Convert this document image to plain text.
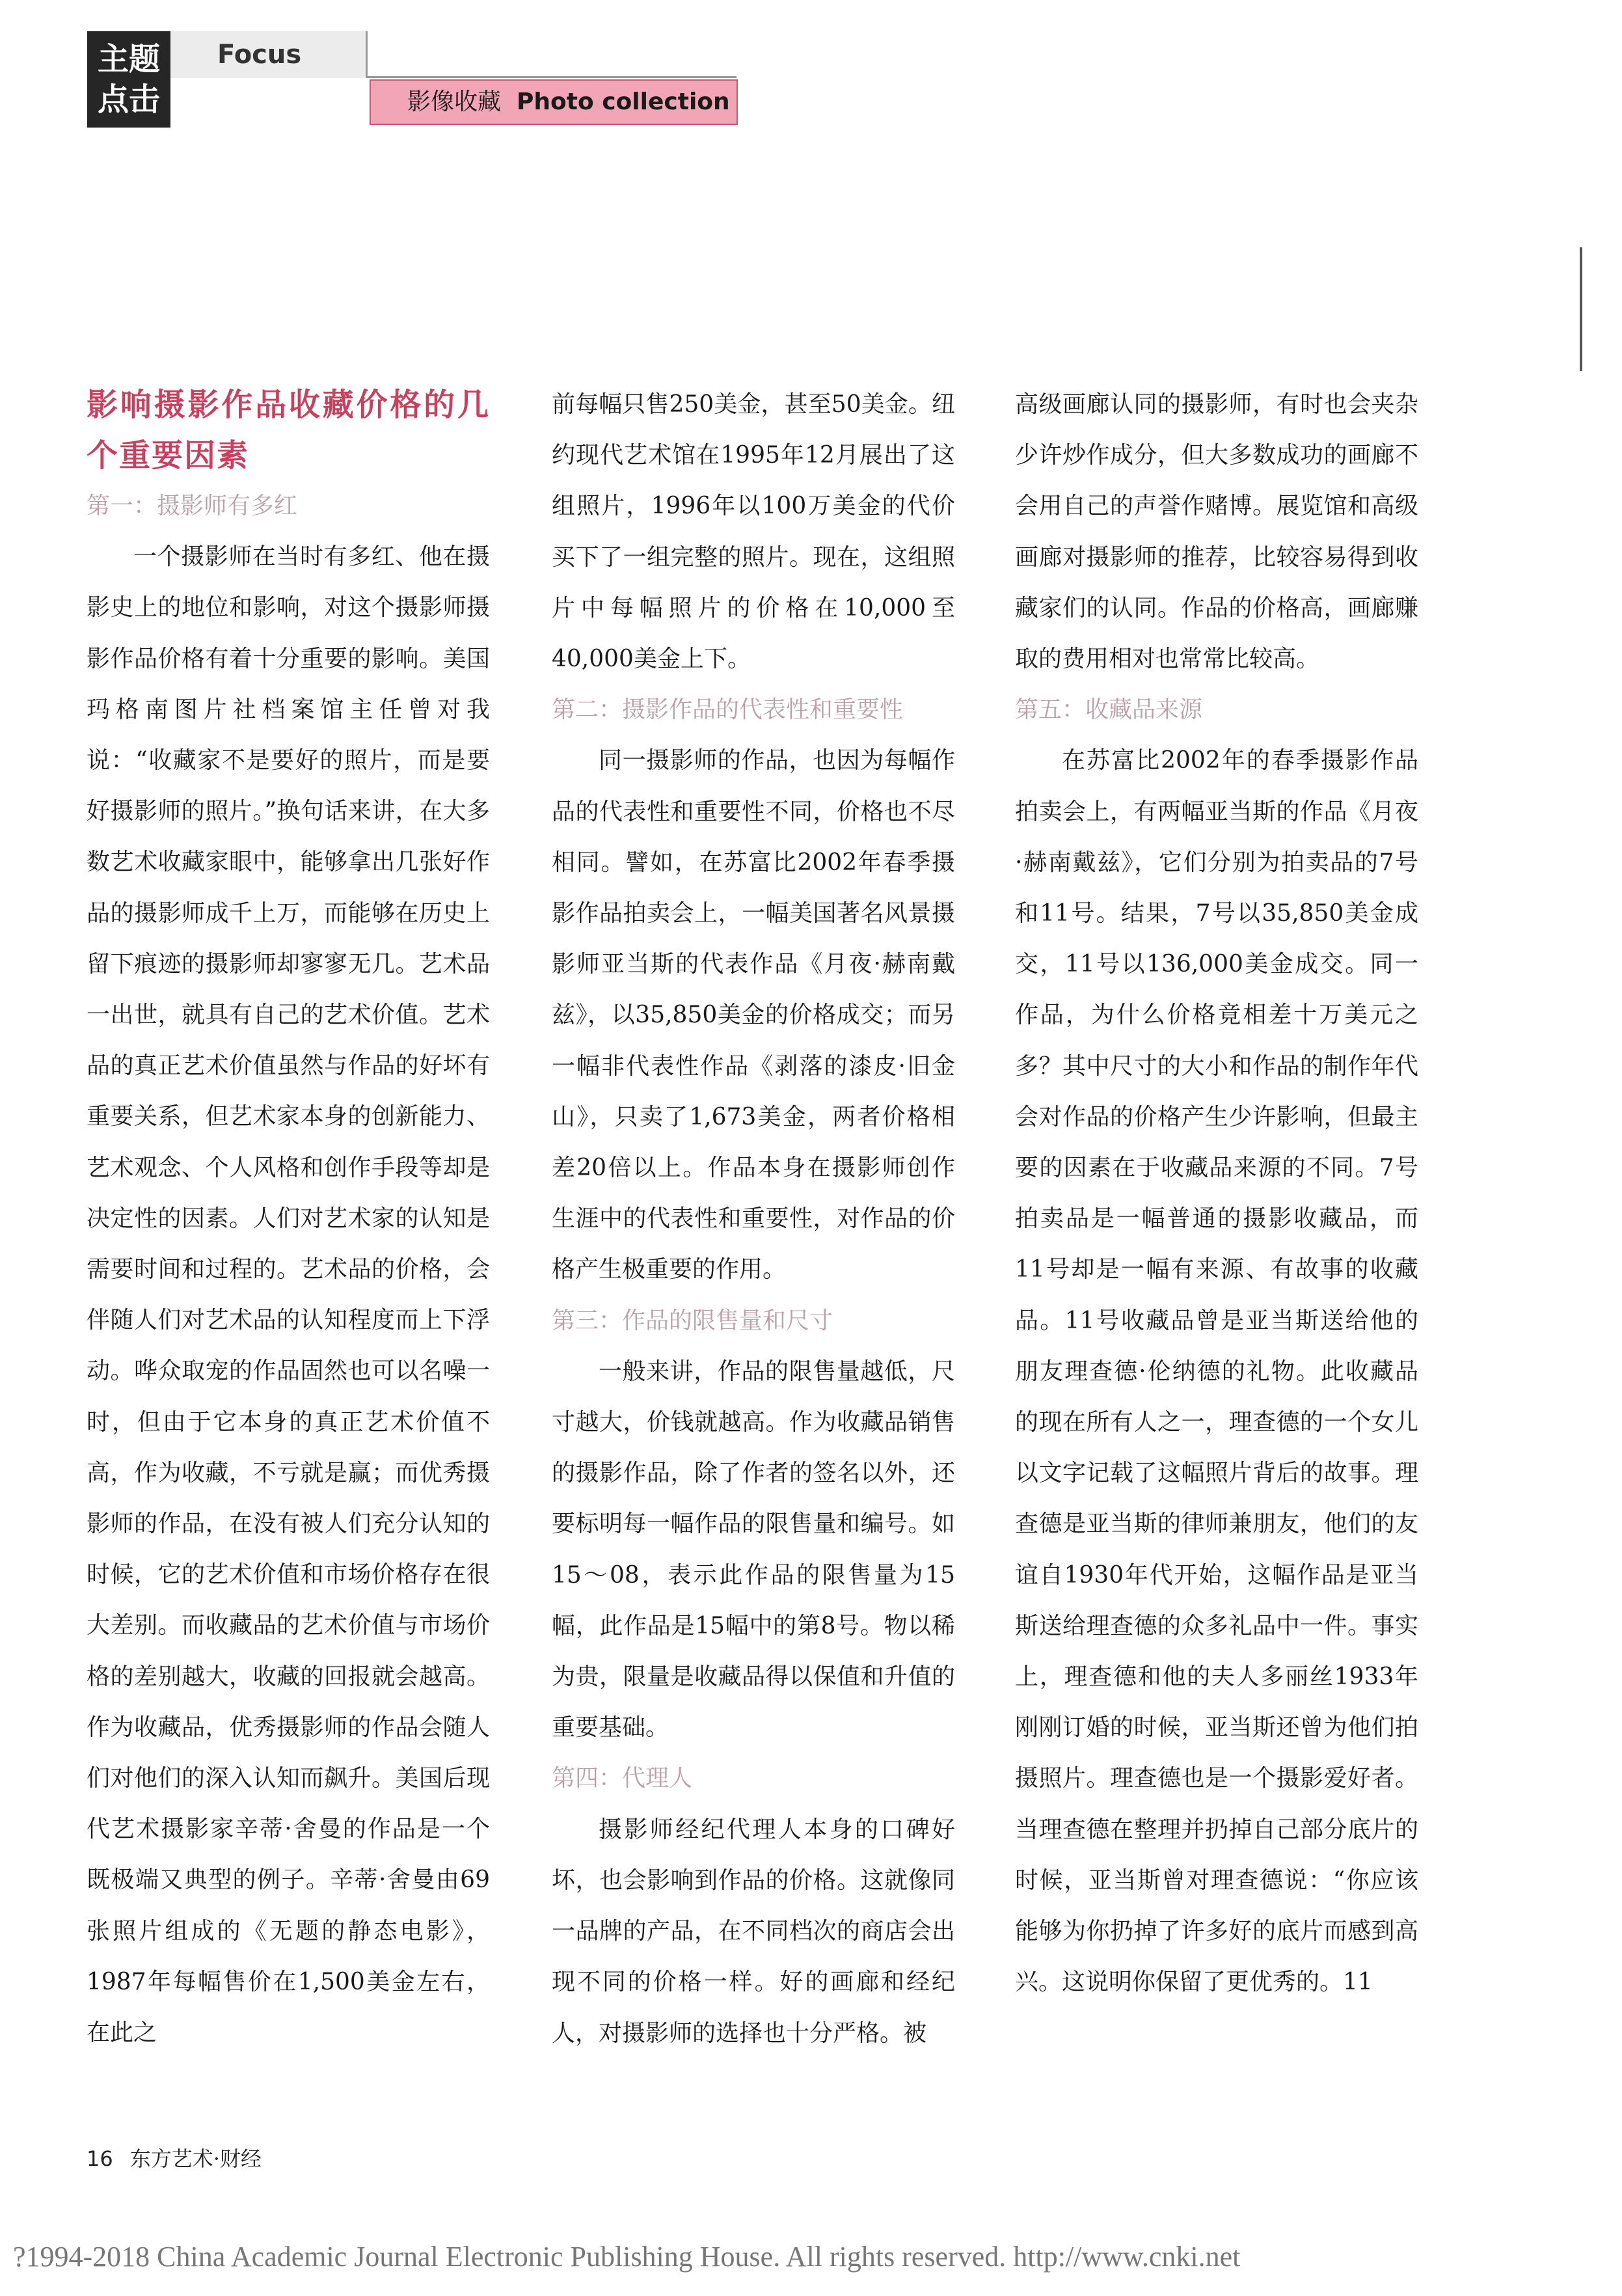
主题
点击
Focus
影像收藏 Photo collection
影响摄影作品收藏价格的几个重要因素

第一：摄影师有多红

一个摄影师在当时有多红、他在摄影史上的地位和影响，对这个摄影师摄影作品价格有着十分重要的影响。美国玛格南图片社档案馆主任曾对我说：“收藏家不是要好的照片，而是要好摄影师的照片。”换句话来讲，在大多数艺术收藏家眼中，能够拿出几张好作品的摄影师成千上万，而能够在历史上留下痕迹的摄影师却寥寥无几。艺术品一出世，就具有自己的艺术价值。艺术品的真正艺术价值虽然与作品的好坏有重要关系，但艺术家本身的创新能力、艺术观念、个人风格和创作手段等却是决定性的因素。人们对艺术家的认知是需要时间和过程的。艺术品的价格，会伴随人们对艺术品的认知程度而上下浮动。哗众取宠的作品固然也可以名噪一时，但由于它本身的真正艺术价值不高，作为收藏，不亏就是赢；而优秀摄影师的作品，在没有被人们充分认知的时候，它的艺术价值和市场价格存在很大差别。而收藏品的艺术价值与市场价格的差别越大，收藏的回报就会越高。作为收藏品，优秀摄影师的作品会随人们对他们的深入认知而飙升。美国后现代艺术摄影家辛蒂·舍曼的作品是一个既极端又典型的例子。辛蒂·舍曼由69张照片组成的《无题的静态电影》，1987年每幅售价在1,500美金左右，在此之

前每幅只售250美金，甚至50美金。纽约现代艺术馆在1995年12月展出了这组照片，1996年以100万美金的代价买下了一组完整的照片。现在，这组照片中每幅照片的价格在10,000至40,000美金上下。

第二：摄影作品的代表性和重要性

同一摄影师的作品，也因为每幅作品的代表性和重要性不同，价格也不尽相同。譬如，在苏富比2002年春季摄影作品拍卖会上，一幅美国著名风景摄影师亚当斯的代表作品《月夜·赫南戴兹》，以35,850美金的价格成交；而另一幅非代表性作品《剥落的漆皮·旧金山》，只卖了1,673美金，两者价格相差20倍以上。作品本身在摄影师创作生涯中的代表性和重要性，对作品的价格产生极重要的作用。

第三：作品的限售量和尺寸

一般来讲，作品的限售量越低，尺寸越大，价钱就越高。作为收藏品销售的摄影作品，除了作者的签名以外，还要标明每一幅作品的限售量和编号。如15～08，表示此作品的限售量为15幅，此作品是15幅中的第8号。物以稀为贵，限量是收藏品得以保值和升值的重要基础。

第四：代理人

摄影师经纪代理人本身的口碑好坏，也会影响到作品的价格。这就像同一品牌的产品，在不同档次的商店会出现不同的价格一样。好的画廊和经纪人，对摄影师的选择也十分严格。被

高级画廊认同的摄影师，有时也会夹杂少许炒作成分，但大多数成功的画廊不会用自己的声誉作赌博。展览馆和高级画廊对摄影师的推荐，比较容易得到收藏家们的认同。作品的价格高，画廊赚取的费用相对也常常比较高。

第五：收藏品来源

在苏富比2002年的春季摄影作品拍卖会上，有两幅亚当斯的作品《月夜·赫南戴兹》，它们分别为拍卖品的7号和11号。结果，7号以35,850美金成交，11号以136,000美金成交。同一作品，为什么价格竟相差十万美元之多？其中尺寸的大小和作品的制作年代会对作品的价格产生少许影响，但最主要的因素在于收藏品来源的不同。7号拍卖品是一幅普通的摄影收藏品，而11号却是一幅有来源、有故事的收藏品。11号收藏品曾是亚当斯送给他的朋友理查德·伦纳德的礼物。此收藏品的现在所有人之一，理查德的一个女儿以文字记载了这幅照片背后的故事。理查德是亚当斯的律师兼朋友，他们的友谊自1930年代开始，这幅作品是亚当斯送给理查德的众多礼品中一件。事实上，理查德和他的夫人多丽丝1933年刚刚订婚的时候，亚当斯还曾为他们拍摄照片。理查德也是一个摄影爱好者。当理查德在整理并扔掉自己部分底片的时候，亚当斯曾对理查德说：“你应该能够为你扔掉了许多好的底片而感到高兴。这说明你保留了更优秀的。11

16 东方艺术·财经
?1994-2018 China Academic Journal Electronic Publishing House. All rights reserved. http://www.cnki.net
